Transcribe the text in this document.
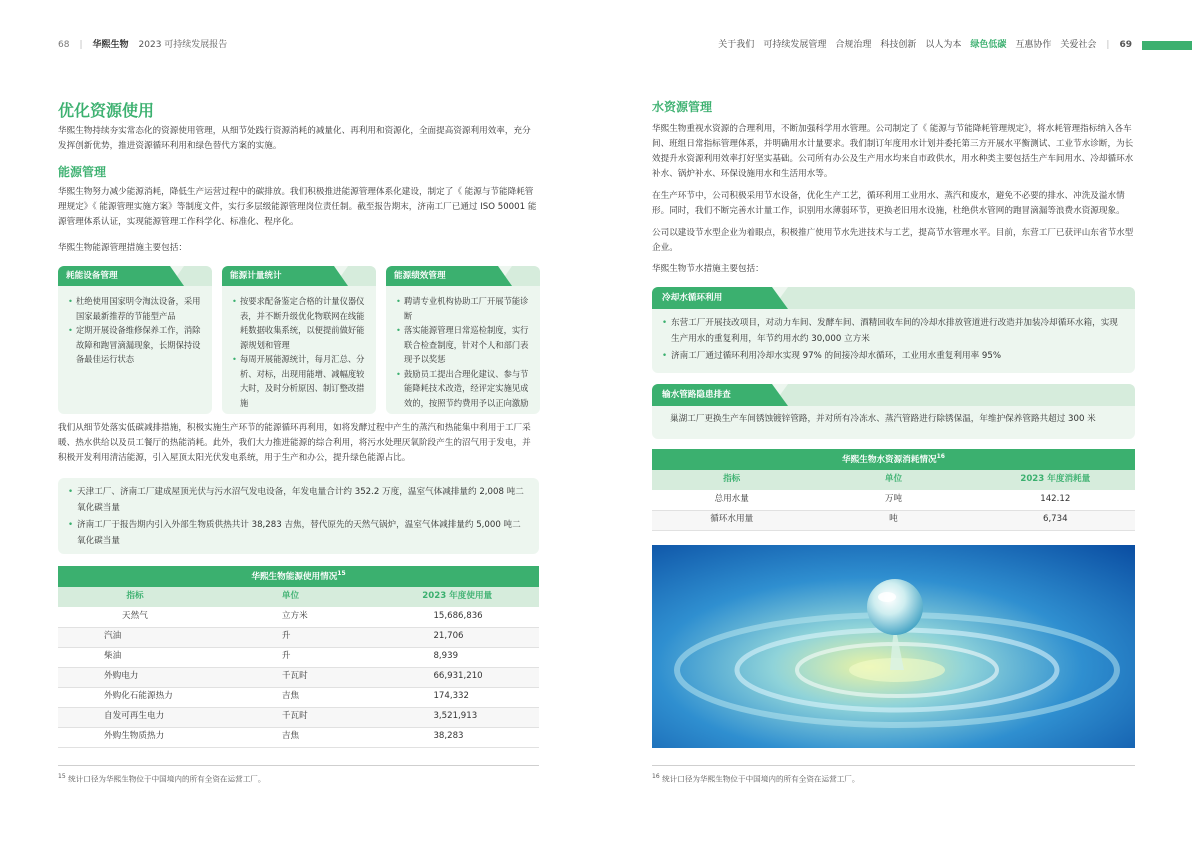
68 | 华熙生物 2023 可持续发展报告
优化资源使用

华熙生物持续夯实常态化的资源使用管理，从细节处践行资源消耗的减量化、再利用和资源化，全面提高资源利用效率，充分发挥创新优势，推进资源循环利用和绿色替代方案的实施。

能源管理

华熙生物努力减少能源消耗，降低生产运营过程中的碳排放。我们积极推进能源管理体系化建设，制定了《 能源与节能降耗管理规定》《 能源管理实施方案》等制度文件，实行多层级能源管理岗位责任制。截至报告期末，济南工厂已通过 ISO 50001 能源管理体系认证，实现能源管理工作科学化、标准化、程序化。

华熙生物能源管理措施主要包括：

耗能设备管理
• 杜绝使用国家明令淘汰设备，采用国家最新推荐的节能型产品
• 定期开展设备维修保养工作，消除故障和跑冒滴漏现象，长期保持设备最佳运行状态
能源计量统计
• 按要求配备鉴定合格的计量仪器仪表，并不断升级优化物联网在线能耗数据收集系统，以便提前做好能源规划和管理
• 每周开展能源统计，每月汇总、分析、对标，出现用能增、减幅度较大时，及时分析原因、制订整改措施
能源绩效管理
• 聘请专业机构协助工厂开展节能诊断
• 落实能源管理日常巡检制度，实行联合检查制度，针对个人和部门表现予以奖惩
• 鼓励员工提出合理化建议、参与节能降耗技术改造，经评定实施见成效的，按照节约费用予以正向激励

我们从细节处落实低碳减排措施，积极实施生产环节的能源循环再利用，如将发酵过程中产生的蒸汽和热能集中利用于工厂采暖、热水供给以及员工餐厅的热能消耗。此外，我们大力推进能源的综合利用，将污水处理厌氧阶段产生的沼气用于发电，并积极开发利用清洁能源，引入屋顶太阳光伏发电系统，用于生产和办公，提升绿色能源占比。

• 天津工厂、济南工厂建成屋顶光伏与污水沼气发电设备，年发电量合计约 352.2 万度，温室气体减排量约 2,008 吨二氧化碳当量
• 济南工厂于报告期内引入外部生物质供热共计 38,283 吉焦，替代原先的天然气锅炉，温室气体减排量约 5,000 吨二氧化碳当量
华熙生物能源使用情况$^{15}$
指标	单位	2023 年度使用量
天然气	立方米	15,686,836
汽油	升	21,706
柴油	升	8,939
外购电力	千瓦时	66,931,210
外购化石能源热力	吉焦	174,332
自发可再生电力	千瓦时	3,521,913
外购生物质热力	吉焦	38,283
$^{15}$ 统计口径为华熙生物位于中国境内的所有全资在运营工厂。
关于我们 可持续发展管理 合规治理 科技创新 以人为本 绿色低碳 互惠协作 关爱社会 | 69
水资源管理

华熙生物重视水资源的合理利用，不断加强科学用水管理。公司制定了《 能源与节能降耗管理规定》，将水耗管理指标纳入各车间、班组日常指标管理体系，并明确用水计量要求。我们制订年度用水计划并委托第三方开展水平衡测试、工业节水诊断，为长效提升水资源利用效率打好坚实基础。公司所有办公及生产用水均来自市政供水，用水种类主要包括生产车间用水、冷却循环水补水、锅炉补水、环保设施用水和生活用水等。

在生产环节中，公司积极采用节水设备，优化生产工艺，循环利用工业用水、蒸汽和废水，避免不必要的排水、冲洗及溢水情形。同时，我们不断完善水计量工作，识别用水薄弱环节，更换老旧用水设施，杜绝供水管网的跑冒滴漏等浪费水资源现象。

公司以建设节水型企业为着眼点，积极推广使用节水先进技术与工艺，提高节水管理水平。目前，东营工厂已获评山东省节水型企业。

华熙生物节水措施主要包括：

冷却水循环利用
• 东营工厂开展技改项目，对动力车间、发酵车间、酒精回收车间的冷却水排放管道进行改造并加装冷却循环水箱，实现生产用水的重复利用，年节约用水约 30,000 立方米
• 济南工厂通过循环利用冷却水实现 97% 的间接冷却水循环，工业用水重复利用率 95%
输水管路隐患排查
巢湖工厂更换生产车间锈蚀镀锌管路，并对所有冷冻水、蒸汽管路进行除锈保温，年维护保养管路共超过 300 米
华熙生物水资源消耗情况$^{16}$
指标	单位	2023 年度消耗量
总用水量	万吨	142.12
循环水用量	吨	6,734
$^{16}$ 统计口径为华熙生物位于中国境内的所有全资在运营工厂。
